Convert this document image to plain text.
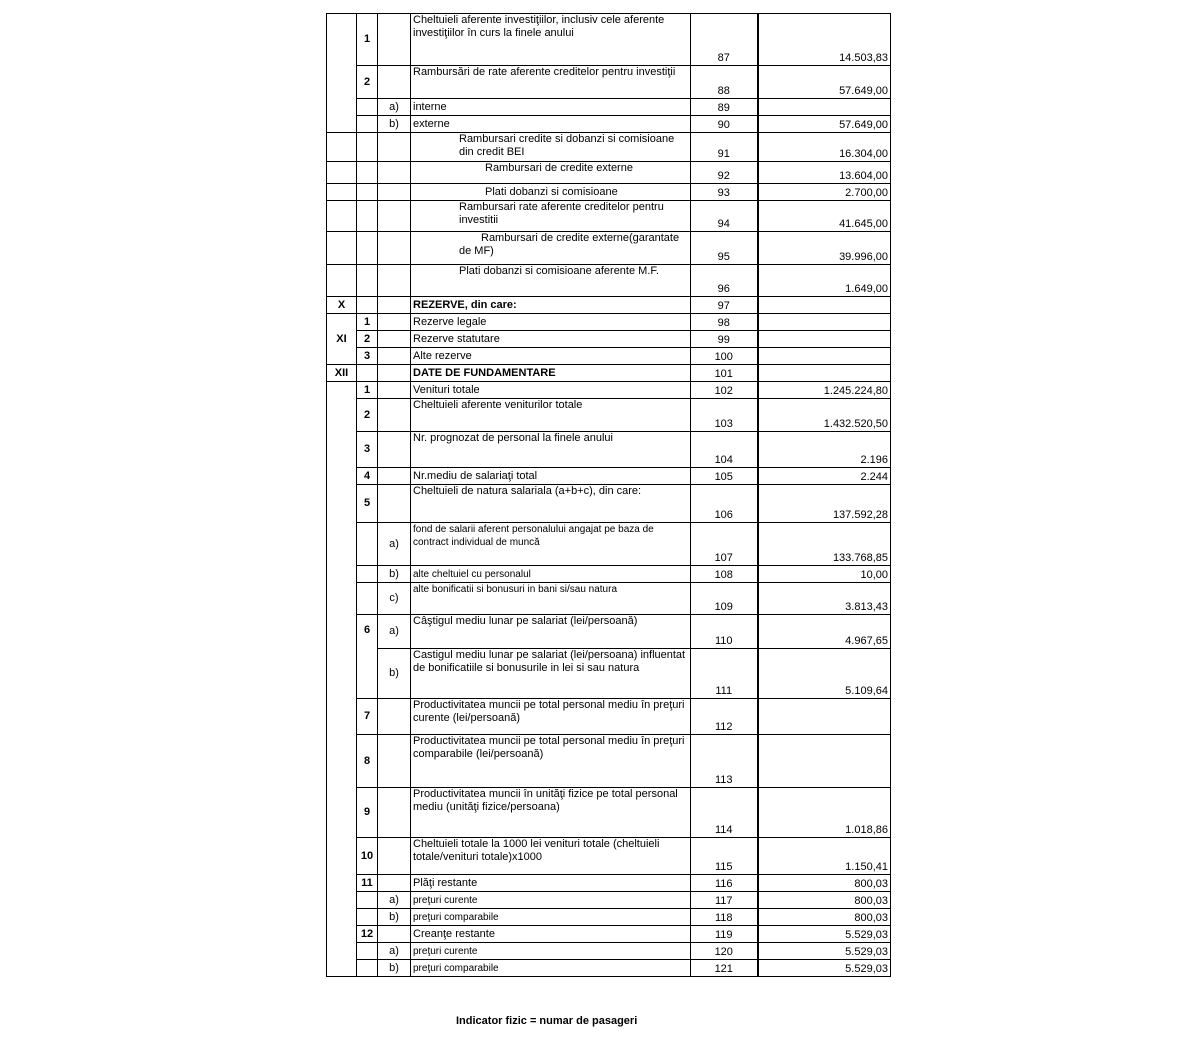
	1		Cheltuieli aferente investiţiilor, inclusiv cele aferente investiţiilor în curs la finele anului	87	14.503,83
	2		Rambursări de rate aferente creditelor pentru investiţii	88	57.649,00
		a)	interne	89	
		b)	externe	90	57.649,00
			Rambursari credite si dobanzi si comisioane din credit BEI	91	16.304,00
			Rambursari de credite externe	92	13.604,00
			Plati dobanzi si comisioane	93	2.700,00
			Rambursari rate aferente creditelor pentru investitii	94	41.645,00
			Rambursari de credite externe(garantate de MF)	95	39.996,00
			Plati dobanzi si comisioane aferente M.F.	96	1.649,00
X			REZERVE, din care:	97	
XI	1		Rezerve legale	98	
	2		Rezerve statutare	99	
	3		Alte rezerve	100	
XII			DATE DE FUNDAMENTARE	101	
	1		Venituri totale	102	1.245.224,80
	2		Cheltuieli aferente veniturilor totale	103	1.432.520,50
	3		Nr. prognozat de personal la finele anului	104	2.196
	4		Nr.mediu de salariaţi total	105	2.244
	5		Cheltuieli de natura salariala (a+b+c), din care:	106	137.592,28
		a)	fond de salarii aferent personalului angajat pe baza de contract individual de muncă	107	133.768,85
		b)	alte cheltuiel cu personalul	108	10,00
		c)	alte bonificatii si bonusuri in bani si/sau natura	109	3.813,43
	6	a)	Câştigul mediu lunar pe salariat (lei/persoană)	110	4.967,65
		b)	Castigul mediu lunar pe salariat (lei/persoana) influentat de bonificatiile si bonusurile in lei si sau natura	111	5.109,64
	7		Productivitatea muncii pe total personal mediu în preţuri curente (lei/persoană)	112	
	8		Productivitatea muncii pe total personal mediu în preţuri comparabile (lei/persoană)	113	
	9		Productivitatea muncii în unităţi fizice pe total personal mediu (unităţi fizice/persoana)	114	1.018,86
	10		Cheltuieli totale la 1000 lei venituri totale (cheltuieli totale/venituri totale)x1000	115	1.150,41
	11		Plăţi restante	116	800,03
		a)	preţuri curente	117	800,03
		b)	preţuri comparabile	118	800,03
	12		Creanţe restante	119	5.529,03
		a)	preţuri curente	120	5.529,03
		b)	preţuri comparabile	121	5.529,03
Indicator fizic = numar de pasageri
